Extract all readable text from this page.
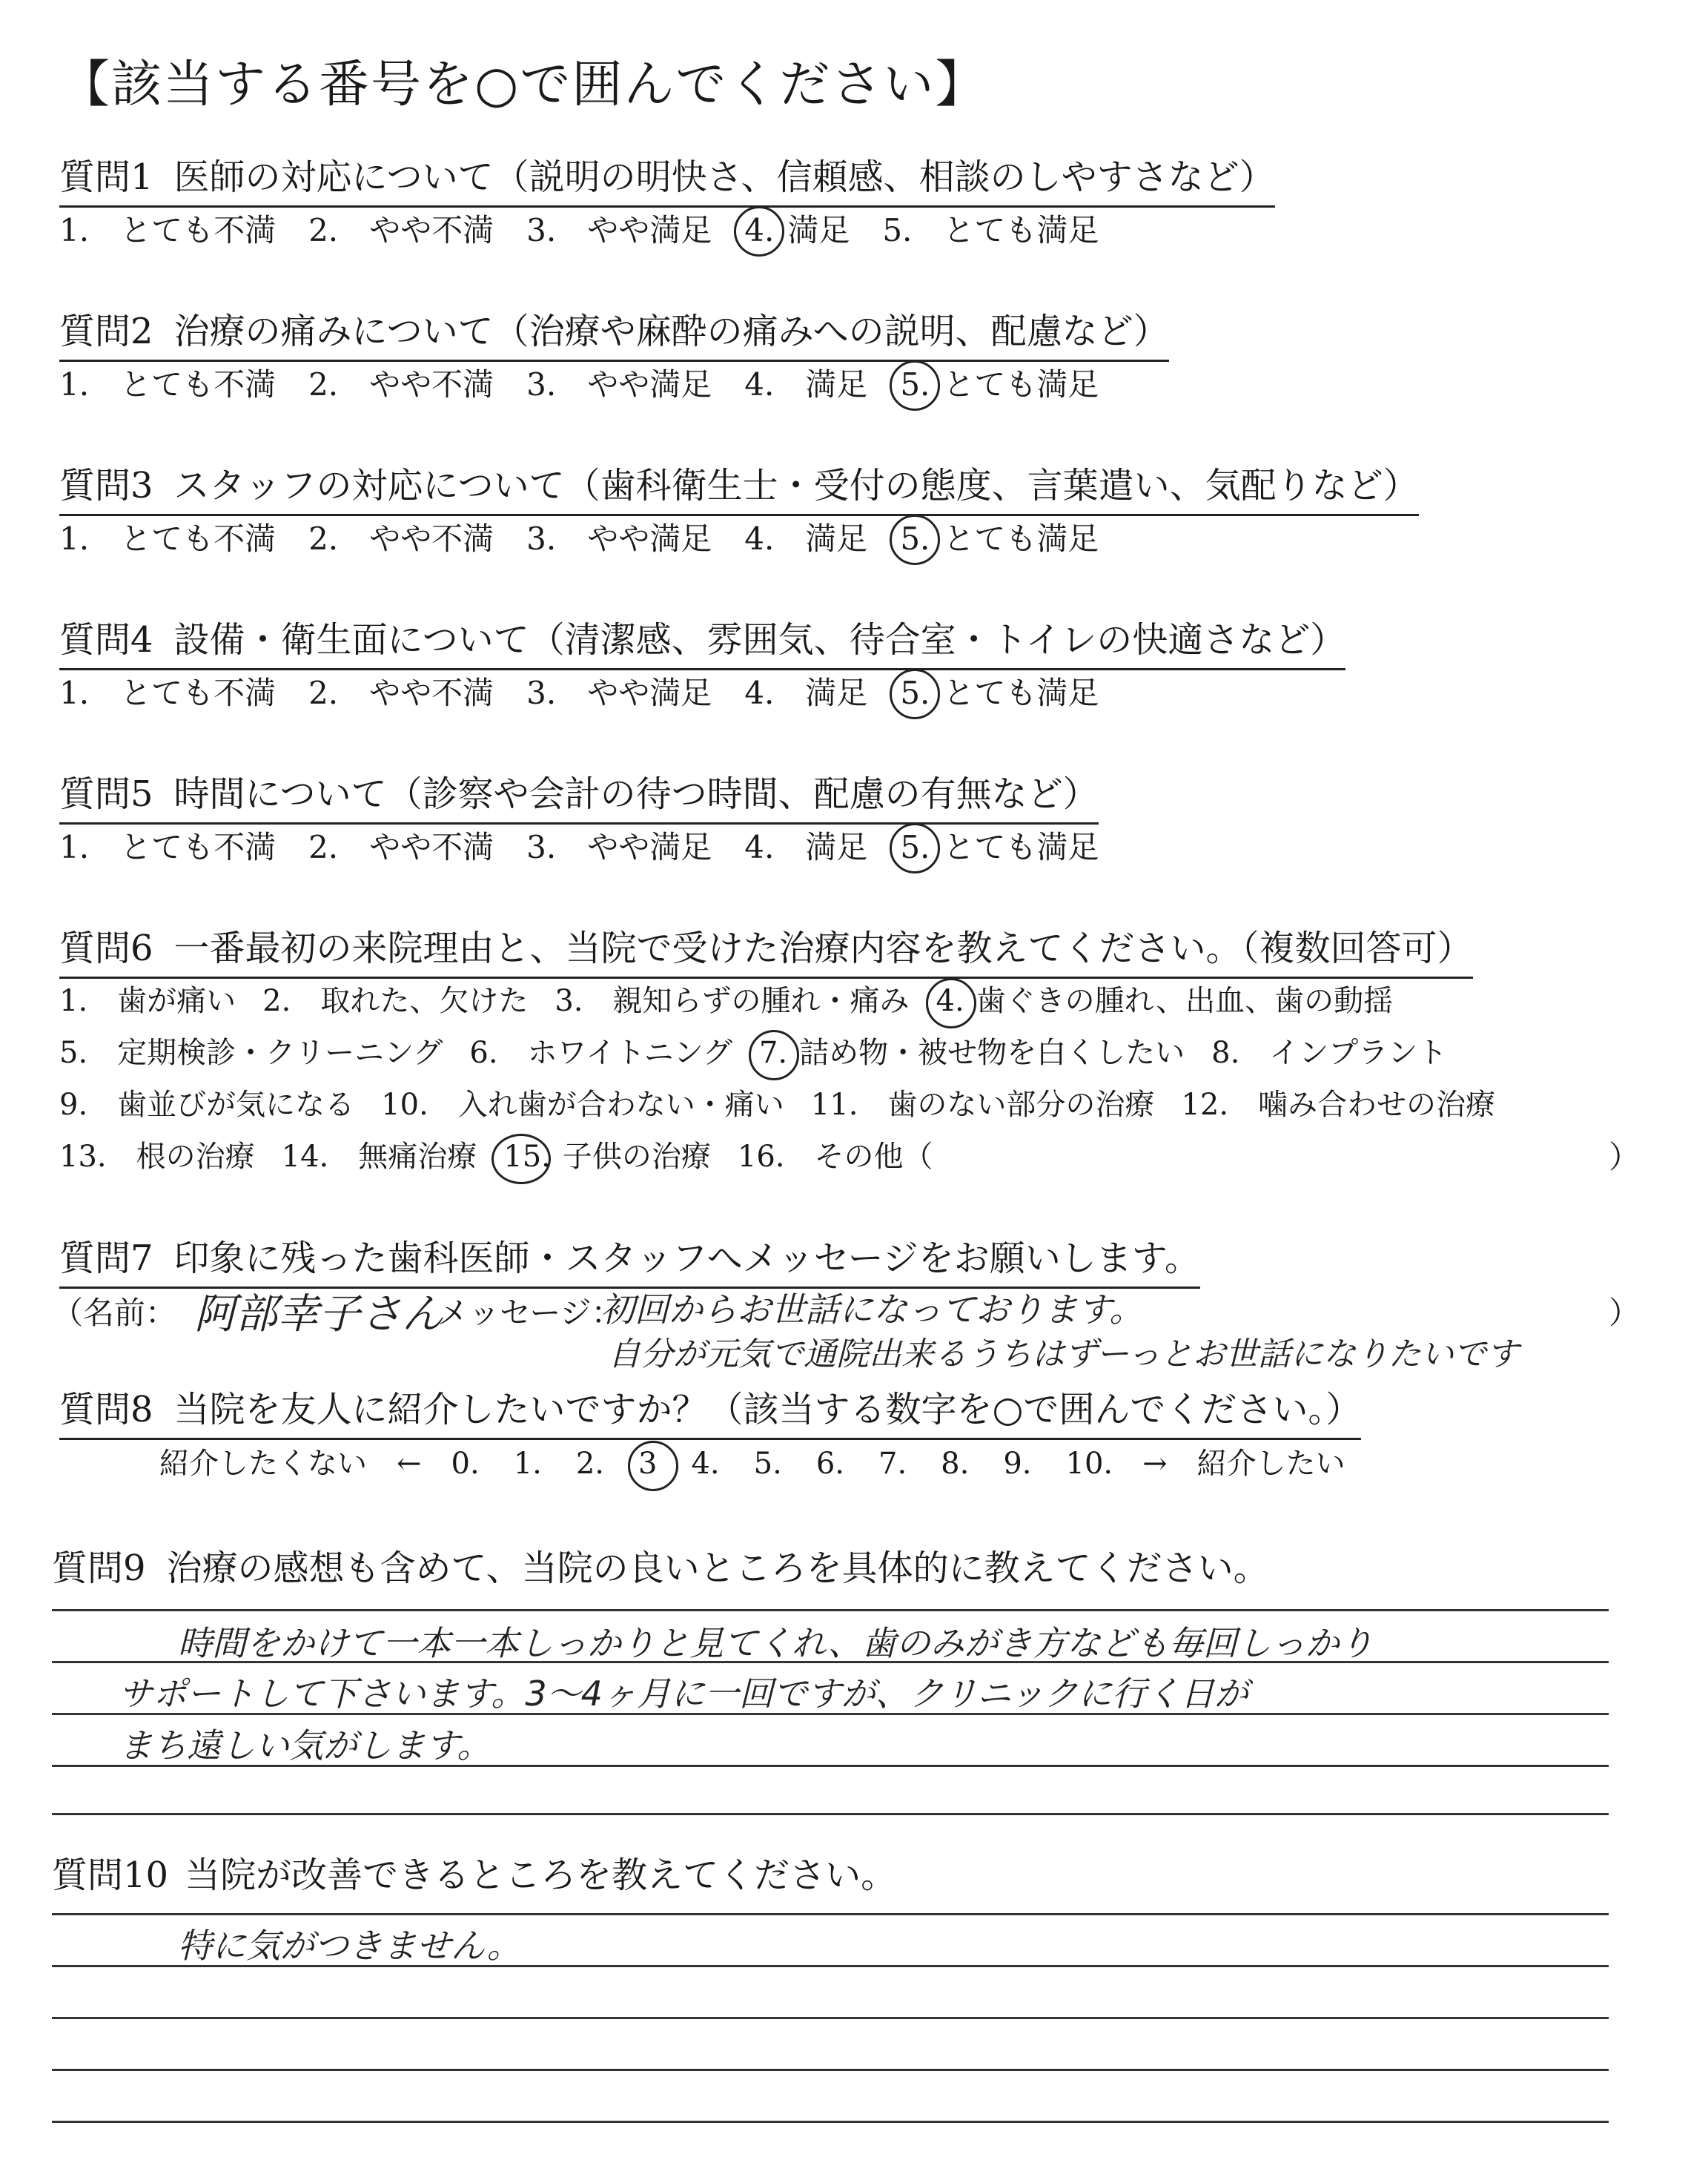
【該当する番号を○で囲んでください】
質問1 医師の対応について（説明の明快さ、信頼感、相談のしやすさなど）
1.　とても不満 2.　やや不満 3.　やや満足 4. 満足 5.　とても満足
質問2 治療の痛みについて（治療や麻酔の痛みへの説明、配慮など）
1.　とても不満 2.　やや不満 3.　やや満足 4.　満足 5. とても満足
質問3 スタッフの対応について（歯科衛生士・受付の態度、言葉遣い、気配りなど）
1.　とても不満 2.　やや不満 3.　やや満足 4.　満足 5. とても満足
質問4 設備・衛生面について（清潔感、雰囲気、待合室・トイレの快適さなど）
1.　とても不満 2.　やや不満 3.　やや満足 4.　満足 5. とても満足
質問5 時間について（診察や会計の待つ時間、配慮の有無など）
1.　とても不満 2.　やや不満 3.　やや満足 4.　満足 5. とても満足
質問6 一番最初の来院理由と、当院で受けた治療内容を教えてください。（複数回答可）
1.　歯が痛い 2.　取れた、欠けた 3.　親知らずの腫れ・痛み 4. 歯ぐきの腫れ、出血、歯の動揺
5.　定期検診・クリーニング 6.　ホワイトニング 7. 詰め物・被せ物を白くしたい 8.　インプラント
9.　歯並びが気になる 10.　入れ歯が合わない・痛い 11.　歯のない部分の治療 12.　噛み合わせの治療
13.　根の治療 14.　無痛治療 15. 子供の治療 16.　その他（	）
質問7 印象に残った歯科医師・スタッフへメッセージをお願いします。
（名前： 阿部幸子さん
メッセージ：
初回からお世話になっております。
自分が元気で通院出来るうちはずーっとお世話になりたいです
）
質問8 当院を友人に紹介したいですか？（該当する数字を○で囲んでください。）
紹介したくない　← 0. 1. 2. 3 4. 5. 6. 7. 8. 9. 10. →　紹介したい
質問9 治療の感想も含めて、当院の良いところを具体的に教えてください。
時間をかけて一本一本しっかりと見てくれ、歯のみがき方なども毎回しっかり
サポートして下さいます。3～4ヶ月に一回ですが、クリニックに行く日が
まち遠しい気がします。
質問10 当院が改善できるところを教えてください。
特に気がつきません。
